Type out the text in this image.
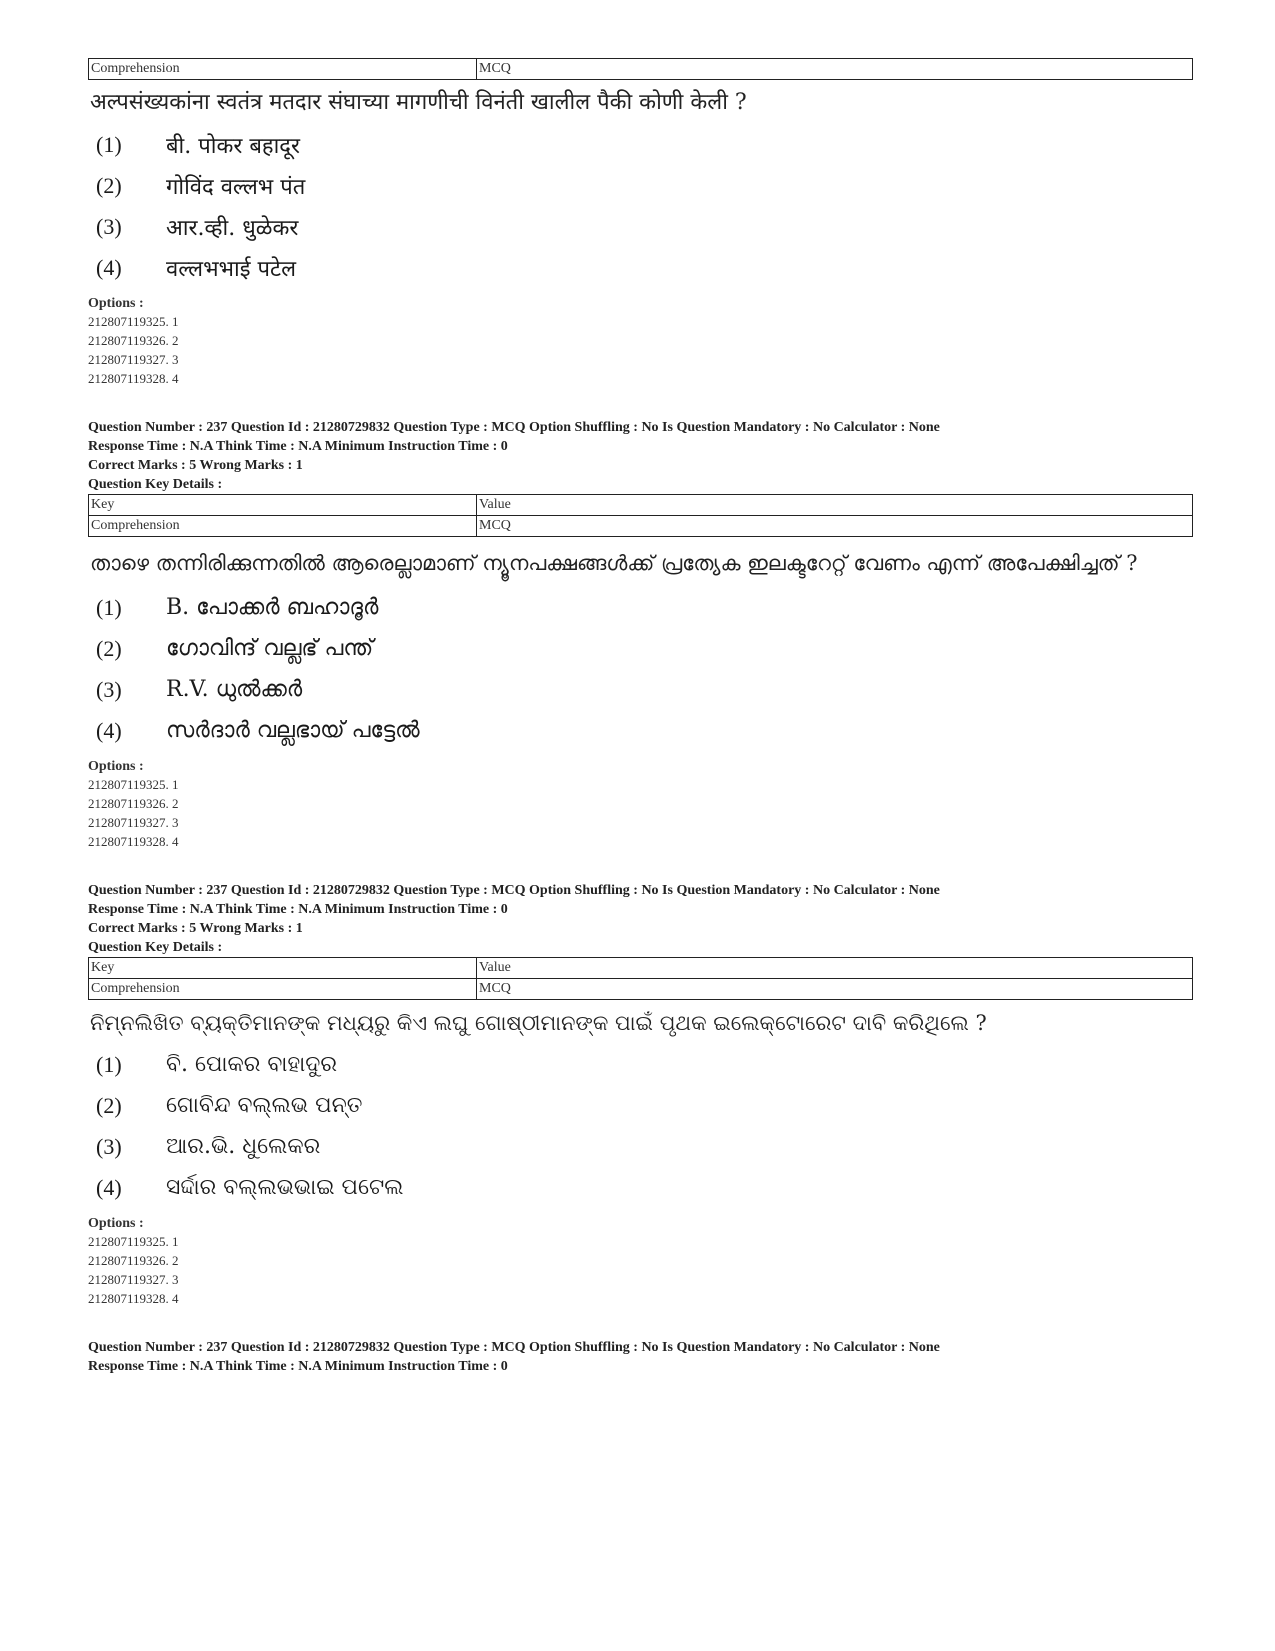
Comprehension	MCQ
अल्पसंख्यकांना स्वतंत्र मतदार संघाच्या मागणीची विनंती खालील पैकी कोणी केली ?
(1)	बी. पोकर बहादूर
(2)	गोविंद वल्लभ पंत
(3)	आर.व्ही. धुळेकर
(4)	वल्लभभाई पटेल
Options :
212807119325. 1
212807119326. 2
212807119327. 3
212807119328. 4
Question Number : 237 Question Id : 21280729832 Question Type : MCQ Option Shuffling : No Is Question Mandatory : No Calculator : None
Response Time : N.A Think Time : N.A Minimum Instruction Time : 0
Correct Marks : 5 Wrong Marks : 1
Question Key Details :
Key	Value
Comprehension	MCQ
താഴെ തന്നിരിക്കുന്നതിൽ ആരെല്ലാമാണ് ന്യൂനപക്ഷങ്ങൾക്ക് പ്രത്യേക ഇലക്ടറേറ്റ് വേണം എന്ന് അപേക്ഷിച്ചത് ?
(1)	B. പോക്കർ ബഹാദൂർ
(2)	ഗോവിന്ദ് വല്ലഭ് പന്ത്
(3)	R.V. ധുൽക്കർ
(4)	സർദാർ വല്ലഭായ് പട്ടേൽ
Options :
212807119325. 1
212807119326. 2
212807119327. 3
212807119328. 4
Question Number : 237 Question Id : 21280729832 Question Type : MCQ Option Shuffling : No Is Question Mandatory : No Calculator : None
Response Time : N.A Think Time : N.A Minimum Instruction Time : 0
Correct Marks : 5 Wrong Marks : 1
Question Key Details :
Key	Value
Comprehension	MCQ
ନିମ୍ନଲିଖିତ ବ୍ୟକ୍ତିମାନଙ୍କ ମଧ୍ୟରୁ କିଏ ଲଘୁ ଗୋଷ୍ଠୀମାନଙ୍କ ପାଇଁ ପୃଥକ ଇଲେକ୍ଟୋରେଟ ଦାବି କରିଥିଲେ ?
(1)	ବି. ପୋକର ବାହାଦୁର
(2)	ଗୋବିନ୍ଦ ବଲ୍ଲଭ ପନ୍ତ
(3)	ଆର.ଭି. ଧୁଲେକର
(4)	ସର୍ଦ୍ଦାର ବଲ୍ଲଭଭାଇ ପଟେଲ
Options :
212807119325. 1
212807119326. 2
212807119327. 3
212807119328. 4
Question Number : 237 Question Id : 21280729832 Question Type : MCQ Option Shuffling : No Is Question Mandatory : No Calculator : None
Response Time : N.A Think Time : N.A Minimum Instruction Time : 0
